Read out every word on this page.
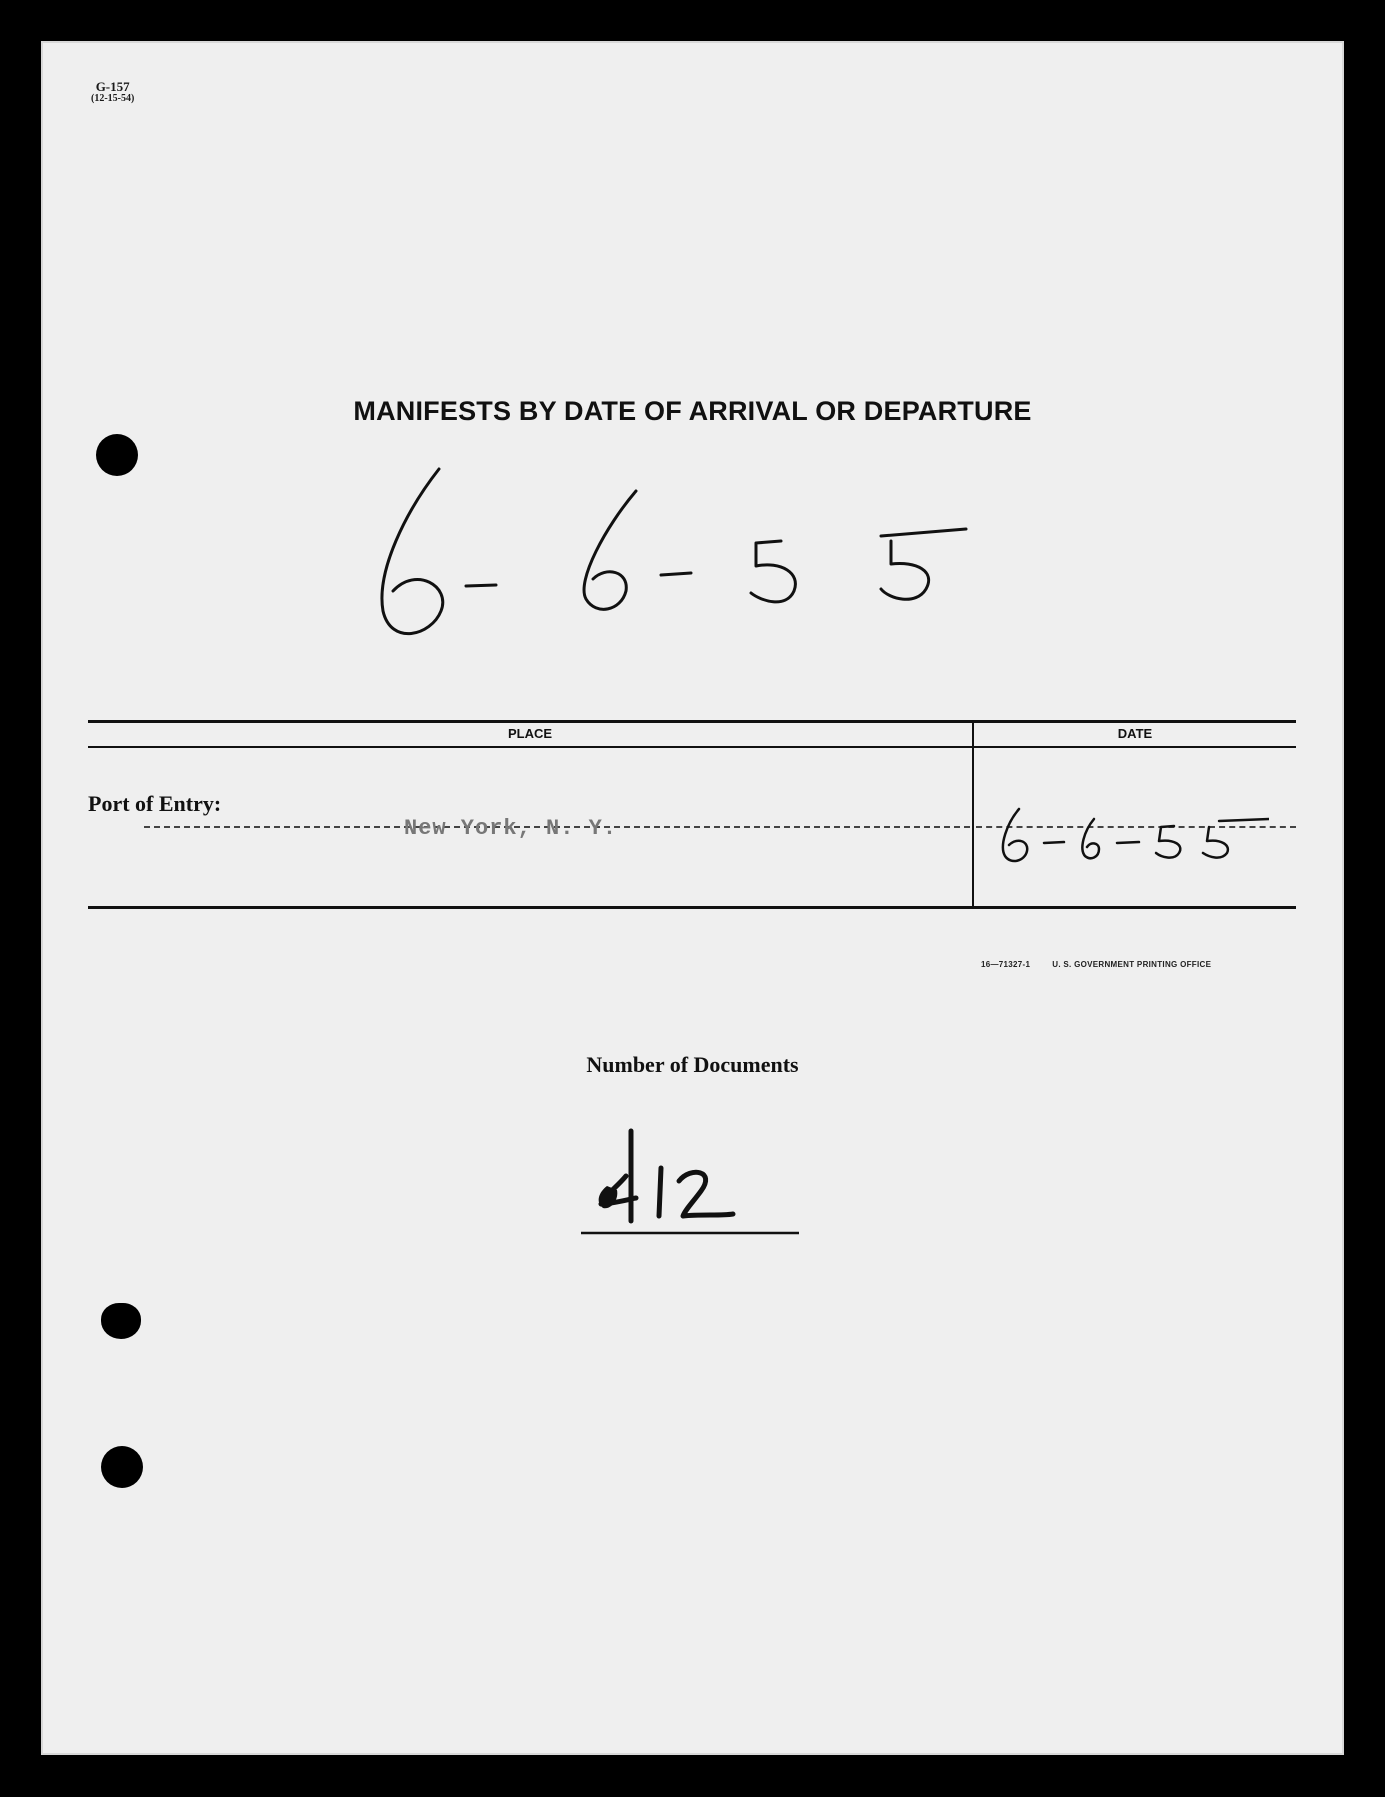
G-157
(12-15-54)
MANIFESTS BY DATE OF ARRIVAL OR DEPARTURE
PLACE	DATE
Port of Entry:
New York, N. Y.
16—71327-1	U. S. GOVERNMENT PRINTING OFFICE
Number of Documents
